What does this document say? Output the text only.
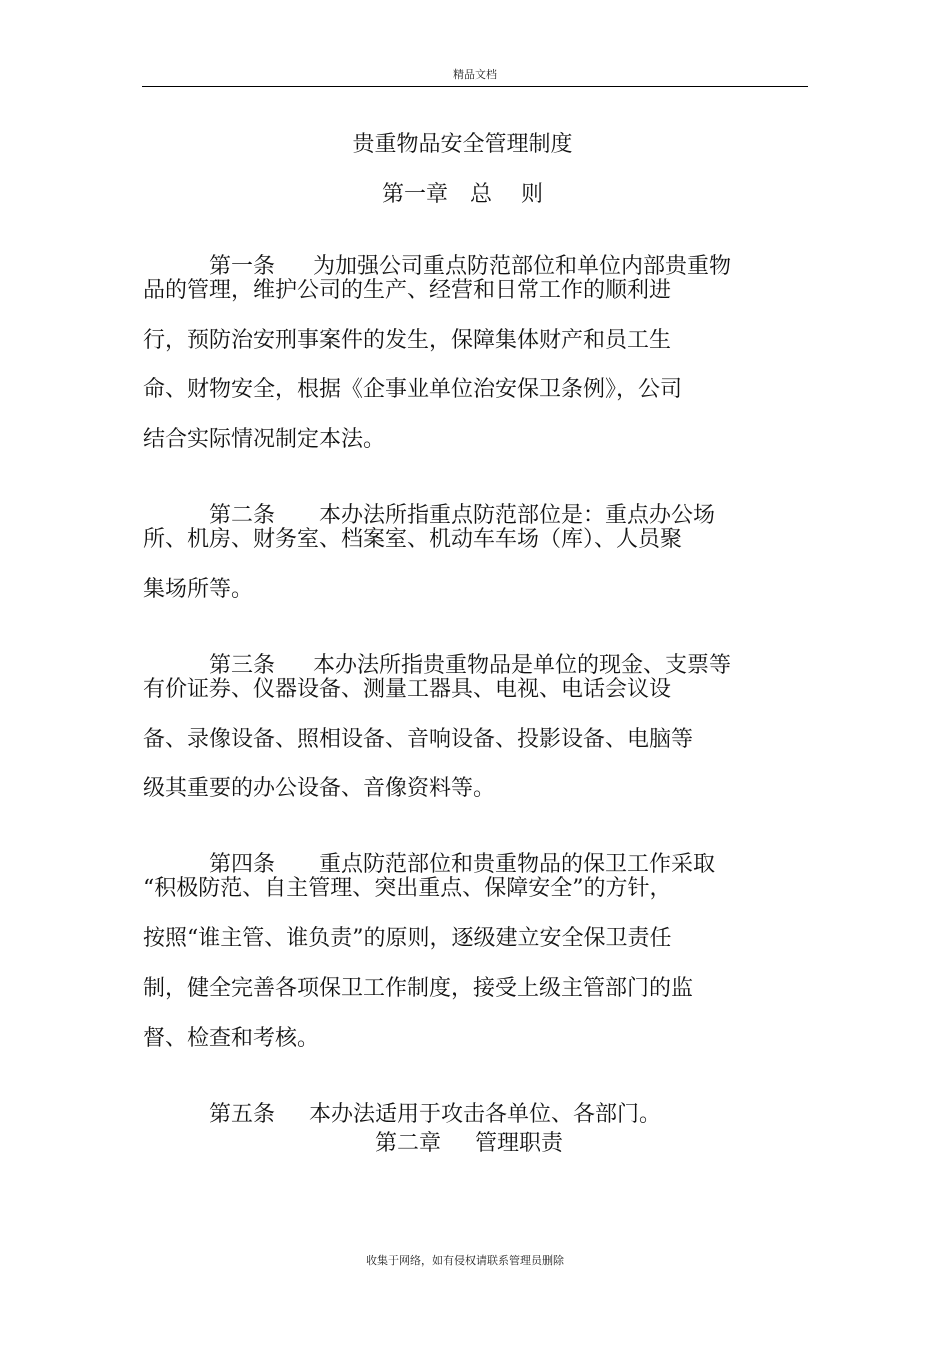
精品文档
贵重物品安全管理制度
第一章 总　 则

第一条 为加强公司重点防范部位和单位内部贵重物

品的管理，维护公司的生产、经营和日常工作的顺利进
行，预防治安刑事案件的发生，保障集体财产和员工生
命、财物安全，根据《企事业单位治安保卫条例》，公司
结合实际情况制定本法。

第二条 本办法所指重点防范部位是：重点办公场

所、机房、财务室、档案室、机动车车场（库）、人员聚
集场所等。

第三条 本办法所指贵重物品是单位的现金、支票等

有价证券、仪器设备、测量工器具、电视、电话会议设
备、录像设备、照相设备、音响设备、投影设备、电脑等
级其重要的办公设备、音像资料等。

第四条 重点防范部位和贵重物品的保卫工作采取

“积极防范、自主管理、突出重点、保障安全”的方针，
按照“谁主管、谁负责”的原则，逐级建立安全保卫责任
制，健全完善各项保卫工作制度，接受上级主管部门的监
督、检查和考核。

第五条 本办法适用于攻击各单位、各部门。

第二章 管理职责
收集于网络，如有侵权请联系管理员删除
